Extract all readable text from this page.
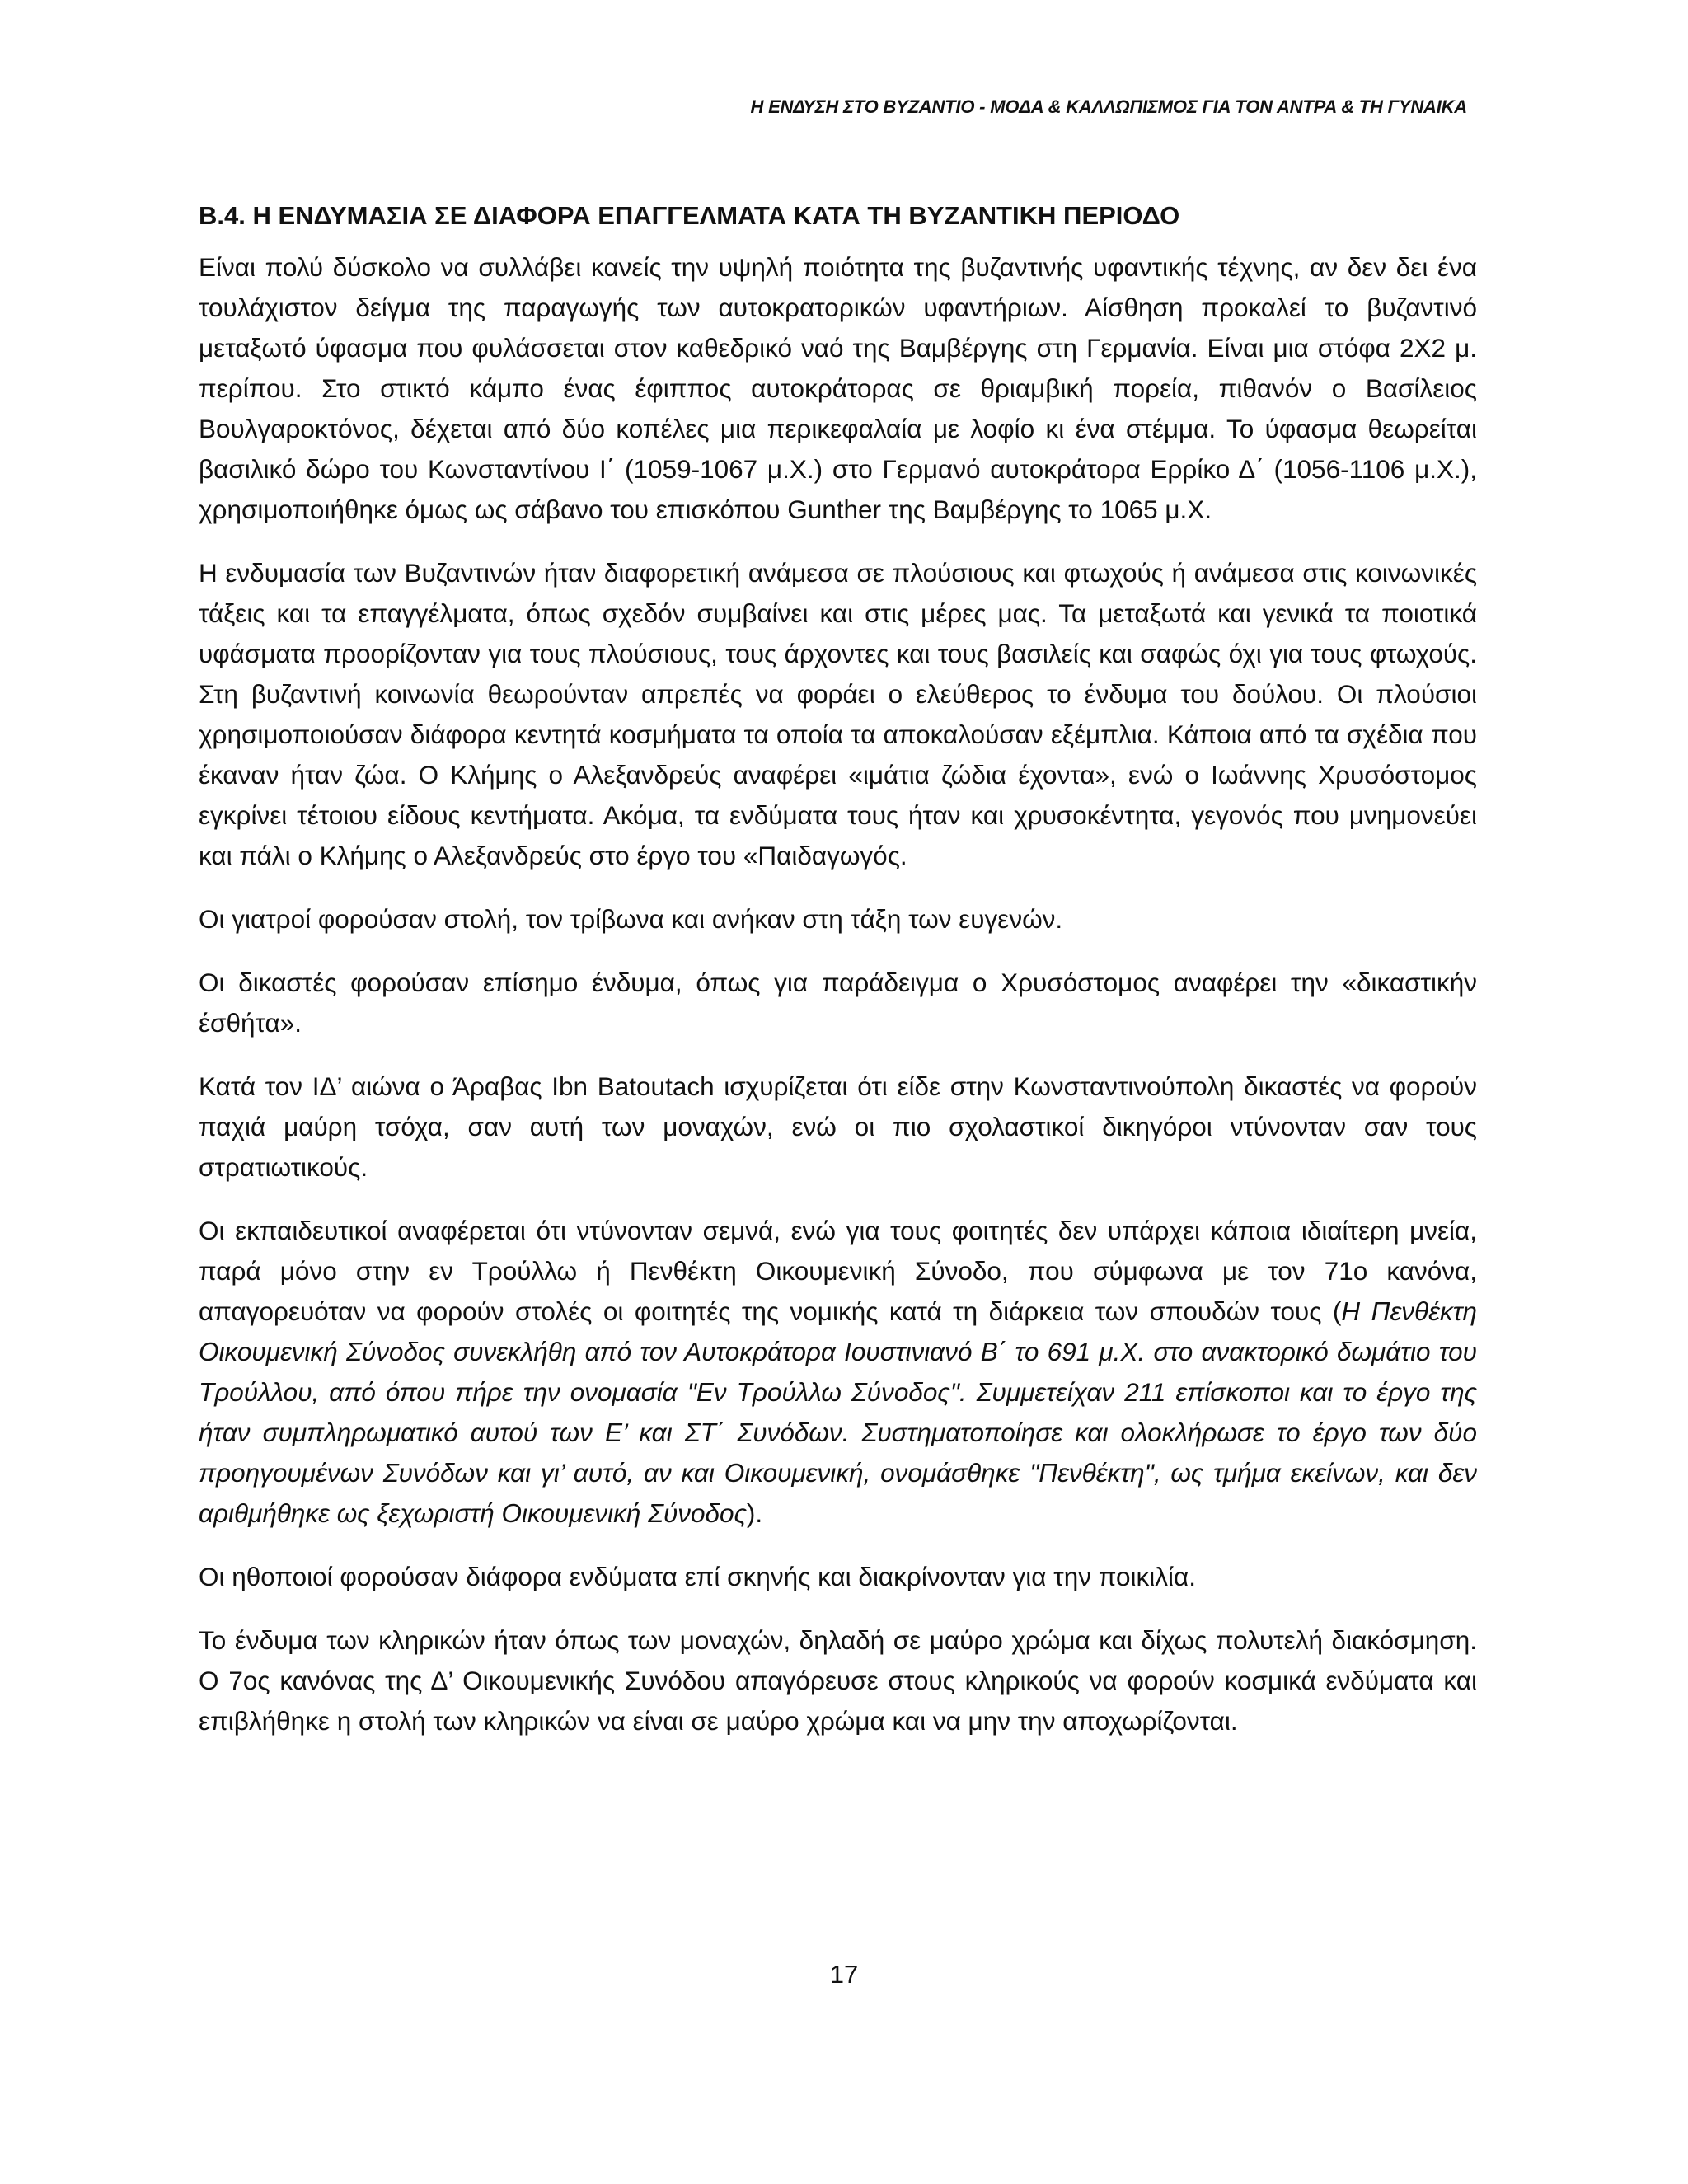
Η ΕΝΔΥΣΗ ΣΤΟ ΒΥΖΑΝΤΙΟ - ΜΟΔΑ & ΚΑΛΛΩΠΙΣΜΟΣ ΓΙΑ ΤΟΝ ΑΝΤΡΑ & ΤΗ ΓΥΝΑΙΚΑ
Β.4. Η ΕΝΔΥΜΑΣΙΑ ΣΕ ΔΙΑΦΟΡΑ ΕΠΑΓΓΕΛΜΑΤΑ ΚΑΤΑ ΤΗ ΒΥΖΑΝΤΙΚΗ ΠΕΡΙΟΔΟ

Είναι πολύ δύσκολο να συλλάβει κανείς την υψηλή ποιότητα της βυζαντινής υφαντικής τέχνης, αν δεν δει ένα τουλάχιστον δείγμα της παραγωγής των αυτοκρατορικών υφαντήριων. Αίσθηση προκαλεί το βυζαντινό μεταξωτό ύφασμα που φυλάσσεται στον καθεδρικό ναό της Βαμβέργης στη Γερμανία. Είναι μια στόφα 2Χ2 μ. περίπου. Στο στικτό κάμπο ένας έφιππος αυτοκράτορας σε θριαμβική πορεία, πιθανόν ο Βασίλειος Βουλγαροκτόνος, δέχεται από δύο κοπέλες μια περικεφαλαία με λοφίο κι ένα στέμμα. Το ύφασμα θεωρείται βασιλικό δώρο του Κωνσταντίνου Ι΄ (1059-1067 μ.Χ.) στο Γερμανό αυτοκράτορα Ερρίκο Δ΄ (1056-1106 μ.Χ.), χρησιμοποιήθηκε όμως ως σάβανο του επισκόπου Gunther της Βαμβέργης το 1065 μ.Χ.

Η ενδυμασία των Βυζαντινών ήταν διαφορετική ανάμεσα σε πλούσιους και φτωχούς ή ανάμεσα στις κοινωνικές τάξεις και τα επαγγέλματα, όπως σχεδόν συμβαίνει και στις μέρες μας. Τα μεταξωτά και γενικά τα ποιοτικά υφάσματα προορίζονταν για τους πλούσιους, τους άρχοντες και τους βασιλείς και σαφώς όχι για τους φτωχούς. Στη βυζαντινή κοινωνία θεωρούνταν απρεπές να φοράει ο ελεύθερος το ένδυμα του δούλου. Οι πλούσιοι χρησιμοποιούσαν διάφορα κεντητά κοσμήματα τα οποία τα αποκαλούσαν εξέμπλια. Κάποια από τα σχέδια που έκαναν ήταν ζώα. Ο Κλήμης ο Αλεξανδρεύς αναφέρει «ιμάτια ζώδια έχοντα», ενώ ο Ιωάννης Χρυσόστομος εγκρίνει τέτοιου είδους κεντήματα. Ακόμα, τα ενδύματα τους ήταν και χρυσοκέντητα, γεγονός που μνημονεύει και πάλι ο Κλήμης ο Αλεξανδρεύς στο έργο του «Παιδαγωγός.

Οι γιατροί φορούσαν στολή, τον τρίβωνα και ανήκαν στη τάξη των ευγενών.

Οι δικαστές φορούσαν επίσημο ένδυμα, όπως για παράδειγμα ο Χρυσόστομος αναφέρει την «δικαστικήν έσθήτα».

Κατά τον ΙΔ’ αιώνα ο Άραβας Ibn Batoutach ισχυρίζεται ότι είδε στην Κωνσταντινούπολη δικαστές να φορούν παχιά μαύρη τσόχα, σαν αυτή των μοναχών, ενώ οι πιο σχολαστικοί δικηγόροι ντύνονταν σαν τους στρατιωτικούς.

Οι εκπαιδευτικοί αναφέρεται ότι ντύνονταν σεμνά, ενώ για τους φοιτητές δεν υπάρχει κάποια ιδιαίτερη μνεία, παρά μόνο στην εν Τρούλλω ή Πενθέκτη Οικουμενική Σύνοδο, που σύμφωνα με τον 71ο κανόνα, απαγορευόταν να φορούν στολές οι φοιτητές της νομικής κατά τη διάρκεια των σπουδών τους (Η Πενθέκτη Οικουμενική Σύνοδος συνεκλήθη από τον Αυτοκράτορα Ιουστινιανό Β΄ το 691 μ.Χ. στο ανακτορικό δωμάτιο του Τρούλλου, από όπου πήρε την ονομασία "Εν Τρούλλω Σύνοδος". Συμμετείχαν 211 επίσκοποι και το έργο της ήταν συμπληρωματικό αυτού των Ε’ και ΣΤ΄ Συνόδων. Συστηματοποίησε και ολοκλήρωσε το έργο των δύο προηγουμένων Συνόδων και γι’ αυτό, αν και Οικουμενική, ονομάσθηκε "Πενθέκτη", ως τμήμα εκείνων, και δεν αριθμήθηκε ως ξεχωριστή Οικουμενική Σύνοδος).

Οι ηθοποιοί φορούσαν διάφορα ενδύματα επί σκηνής και διακρίνονταν για την ποικιλία.

Το ένδυμα των κληρικών ήταν όπως των μοναχών, δηλαδή σε μαύρο χρώμα και δίχως πολυτελή διακόσμηση. Ο 7ος κανόνας της Δ’ Οικουμενικής Συνόδου απαγόρευσε στους κληρικούς να φορούν κοσμικά ενδύματα και επιβλήθηκε η στολή των κληρικών να είναι σε μαύρο χρώμα και να μην την αποχωρίζονται.

17
